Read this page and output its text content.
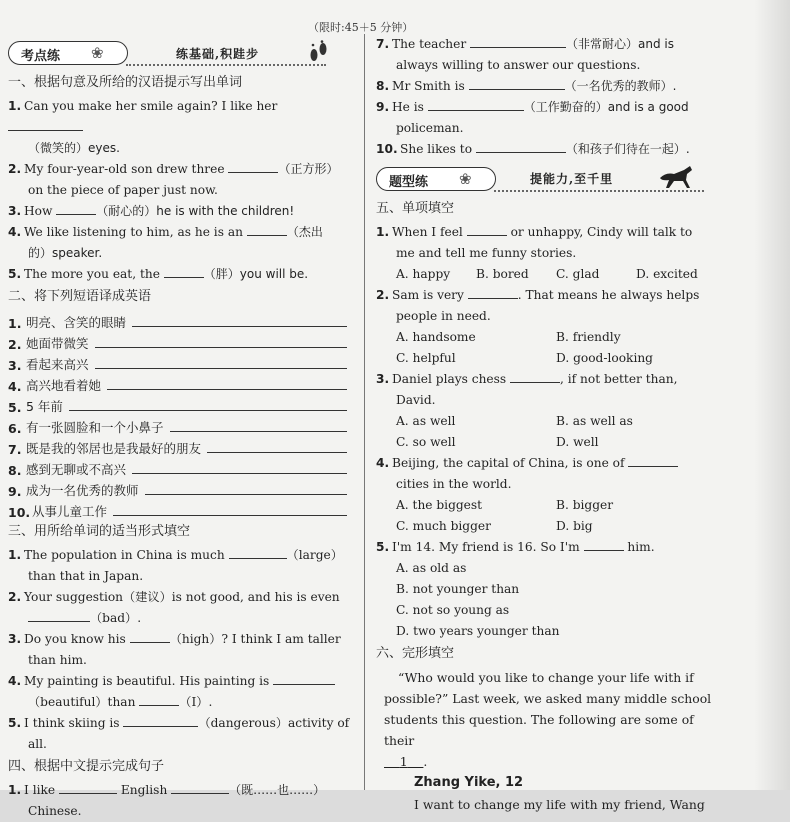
（限时:45＋5 分钟）
考点练 ❀	练基础,积跬步
一、根据句意及所给的汉语提示写出单词

1. Can you make her smile again? I like her

（微笑的）eyes.

2. My four-year-old son drew three	（正方形）

on the piece of paper just now.

3. How	（耐心的）he is with the children!

4. We like listening to him, as he is an	（杰出

的）speaker.

5. The more you eat, the	（胖）you will be.

二、将下列短语译成英语
1. 明亮、含笑的眼睛
2. 她面带微笑
3. 看起来高兴
4. 高兴地看着她
5. 5 年前
6. 有一张圆脸和一个小鼻子
7. 既是我的邻居也是我最好的朋友
8. 感到无聊或不高兴
9. 成为一名优秀的教师
10. 从事儿童工作
三、用所给单词的适当形式填空

1. The population in China is much	（large）

than that in Japan.

2. Your suggestion（建议）is not good, and his is even

（bad）.

3. Do you know his	（high）? I think I am taller

than him.

4. My painting is beautiful. His painting is

（beautiful）than	（I）.

5. I think skiing is	（dangerous）activity of

all.

四、根据中文提示完成句子

1. I like	English	（既……也……）

Chinese.

7. The teacher	（非常耐心）and is

always willing to answer our questions.

8. Mr Smith is	（一名优秀的教师）.

9. He is	（工作勤奋的）and is a good

policeman.

10. She likes to	（和孩子们待在一起）.

题型练 ❀	提能力,至千里
五、单项填空

1. When I feel	or unhappy, Cindy will talk to

me and tell me funny stories.

A. happy	B. bored	C. glad	D. excited

2. Sam is very	. That means he always helps

people in need.

A. handsome	B. friendly
C. helpful	D. good-looking

3. Daniel plays chess	, if not better than,

David.

A. as well	B. as well as
C. so well	D. well

4. Beijing, the capital of China, is one of

cities in the world.

A. the biggest	B. bigger
C. much bigger	D. big

5. I'm 14. My friend is 16. So I'm	him.

A. as old as
B. not younger than
C. not so young as
D. two years younger than
六、完形填空
“Who would you like to change your life with if
possible?” Last week, we asked many middle school
students this question. The following are some of their
1 .
Zhang Yike, 12
I want to change my life with my friend, Wang
